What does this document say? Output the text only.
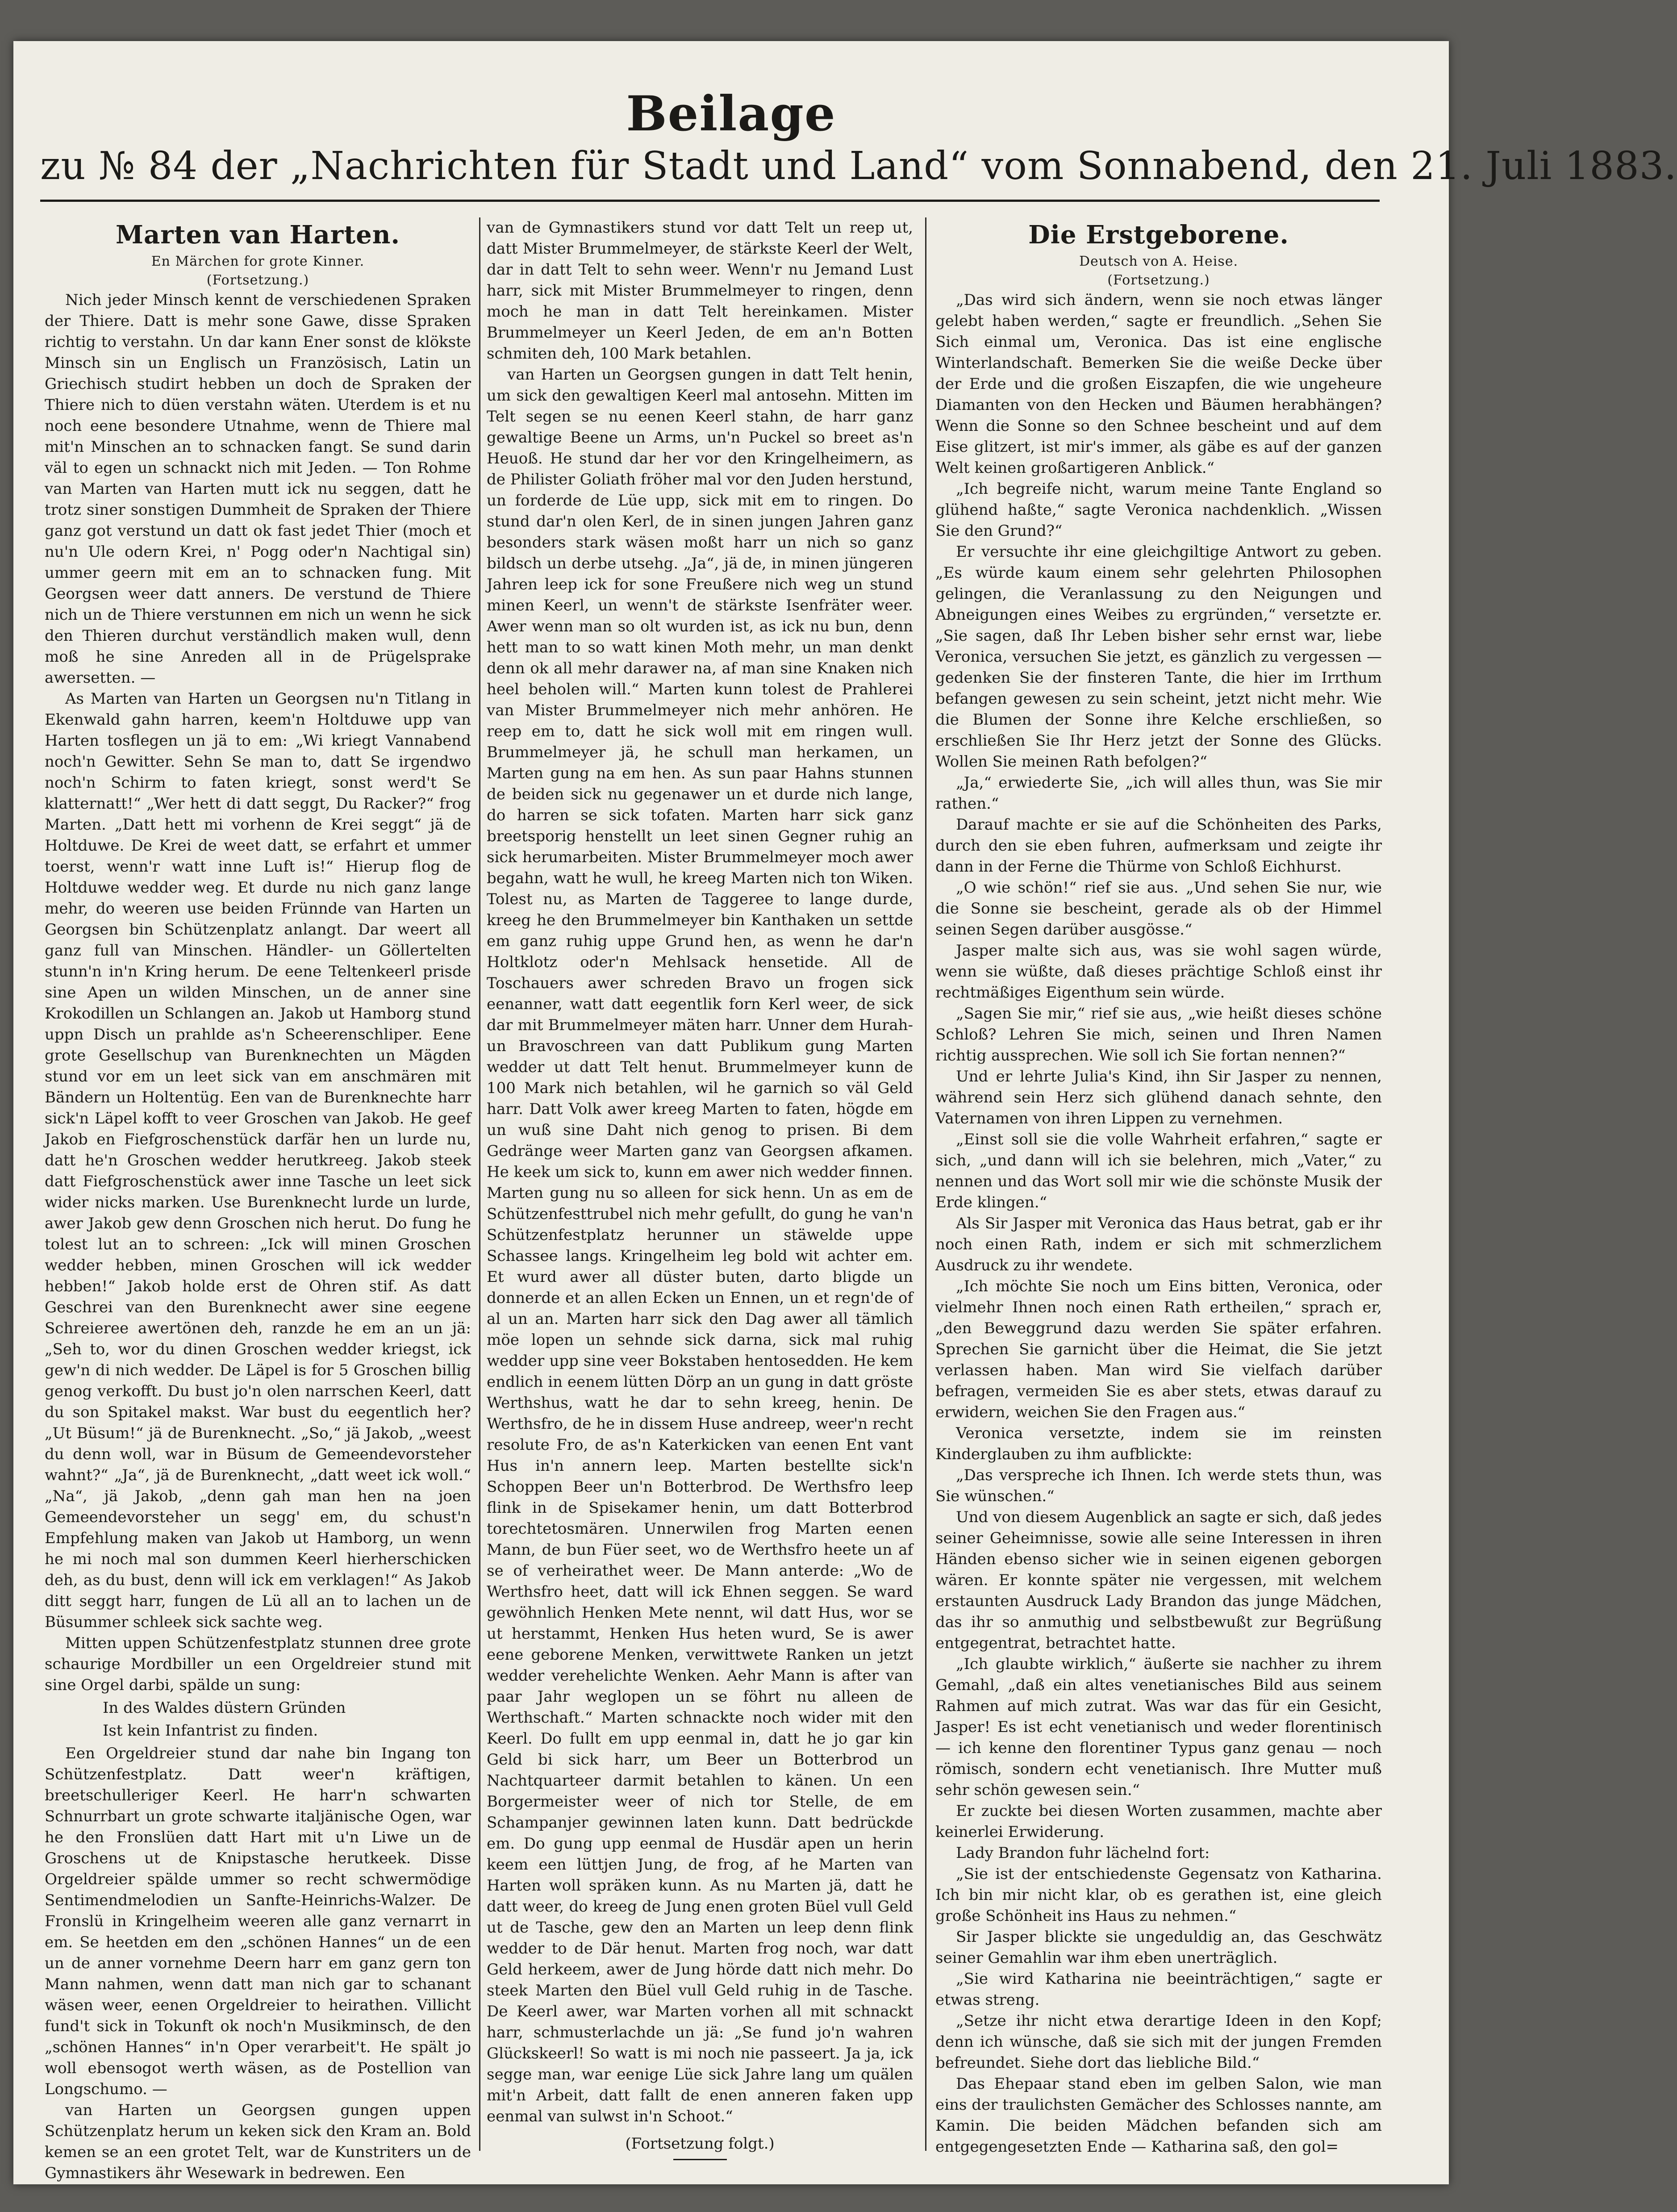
Beilage
zu № 84 der „Nachrichten für Stadt und Land“ vom Sonnabend, den 21. Juli 1883.
Marten van Harten.

En Märchen for grote Kinner.

(Fortsetzung.)

Nich jeder Minsch kennt de verschiedenen Spraken der Thiere. Datt is mehr sone Gawe, disse Spraken richtig to verstahn. Un dar kann Ener sonst de klökste Minsch sin un Englisch un Französisch, Latin un Griechisch studirt hebben un doch de Spraken der Thiere nich to düen verstahn wäten. Uterdem is et nu noch eene besondere Utnahme, wenn de Thiere mal mit'n Minschen an to schnacken fangt. Se sund darin väl to egen un schnackt nich mit Jeden. — Ton Rohme van Marten van Harten mutt ick nu seggen, datt he trotz siner sonstigen Dummheit de Spraken der Thiere ganz got verstund un datt ok fast jedet Thier (moch et nu'n Ule odern Krei, n' Pogg oder'n Nachtigal sin) ummer geern mit em an to schnacken fung. Mit Georgsen weer datt anners. De verstund de Thiere nich un de Thiere verstunnen em nich un wenn he sick den Thieren durchut verständlich maken wull, denn moß he sine Anreden all in de Prügelsprake awersetten. —

As Marten van Harten un Georgsen nu'n Titlang in Ekenwald gahn harren, keem'n Holtduwe upp van Harten tosflegen un jä to em: „Wi kriegt Vannabend noch'n Gewitter. Sehn Se man to, datt Se irgendwo noch'n Schirm to faten kriegt, sonst werd't Se klatternatt!“ „Wer hett di datt seggt, Du Racker?“ frog Marten. „Datt hett mi vorhenn de Krei seggt“ jä de Holtduwe. De Krei de weet datt, se erfahrt et ummer toerst, wenn'r watt inne Luft is!“ Hierup flog de Holtduwe wedder weg. Et durde nu nich ganz lange mehr, do weeren use beiden Frünnde van Harten un Georgsen bin Schützenplatz anlangt. Dar weert all ganz full van Minschen. Händler- un Göllertelten stunn'n in'n Kring herum. De eene Teltenkeerl prisde sine Apen un wilden Minschen, un de anner sine Krokodillen un Schlangen an. Jakob ut Hamborg stund uppn Disch un prahlde as'n Scheerenschliper. Eene grote Gesellschup van Burenknechten un Mägden stund vor em un leet sick van em anschmären mit Bändern un Holtentüg. Een van de Burenknechte harr sick'n Läpel kofft to veer Groschen van Jakob. He geef Jakob en Fiefgroschenstück darfär hen un lurde nu, datt he'n Groschen wedder herutkreeg. Jakob steek datt Fiefgroschenstück awer inne Tasche un leet sick wider nicks marken. Use Burenknecht lurde un lurde, awer Jakob gew denn Groschen nich herut. Do fung he tolest lut an to schreen: „Ick will minen Groschen wedder hebben, minen Groschen will ick wedder hebben!“ Jakob holde erst de Ohren stif. As datt Geschrei van den Burenknecht awer sine eegene Schreieree awertönen deh, ranzde he em an un jä: „Seh to, wor du dinen Groschen wedder kriegst, ick gew'n di nich wedder. De Läpel is for 5 Groschen billig genog verkofft. Du bust jo'n olen narrschen Keerl, datt du son Spitakel makst. War bust du eegentlich her? „Ut Büsum!“ jä de Burenknecht. „So,“ jä Jakob, „weest du denn woll, war in Büsum de Gemeendevorsteher wahnt?“ „Ja“, jä de Burenknecht, „datt weet ick woll.“ „Na“, jä Jakob, „denn gah man hen na joen Gemeendevorsteher un segg' em, du schust'n Empfehlung maken van Jakob ut Hamborg, un wenn he mi noch mal son dummen Keerl hierherschicken deh, as du bust, denn will ick em verklagen!“ As Jakob ditt seggt harr, fungen de Lü all an to lachen un de Büsummer schleek sick sachte weg.

Mitten uppen Schützenfestplatz stunnen dree grote schaurige Mordbiller un een Orgeldreier stund mit sine Orgel darbi, spälde un sung:

In des Waldes düstern Gründen

Ist kein Infantrist zu finden.

Een Orgeldreier stund dar nahe bin Ingang ton Schützenfestplatz. Datt weer'n kräftigen, breetschulleriger Keerl. He harr'n schwarten Schnurrbart un grote schwarte italjänische Ogen, war he den Fronslüen datt Hart mit u'n Liwe un de Groschens ut de Knipstasche herutkeek. Disse Orgeldreier spälde ummer so recht schwermödige Sentimendmelodien un Sanfte-Heinrichs-Walzer. De Fronslü in Kringelheim weeren alle ganz vernarrt in em. Se heetden em den „schönen Hannes“ un de een un de anner vornehme Deern harr em ganz gern ton Mann nahmen, wenn datt man nich gar to schanant wäsen weer, eenen Orgeldreier to heirathen. Villicht fund't sick in Tokunft ok noch'n Musikminsch, de den „schönen Hannes“ in'n Oper verarbeit't. He spält jo woll ebensogot werth wäsen, as de Postellion van Longschumo. —

van Harten un Georgsen gungen uppen Schützenplatz herum un keken sick den Kram an. Bold kemen se an een grotet Telt, war de Kunstriters un de Gymnastikers ähr Wesewark in bedrewen. Een

van de Gymnastikers stund vor datt Telt un reep ut, datt Mister Brummelmeyer, de stärkste Keerl der Welt, dar in datt Telt to sehn weer. Wenn'r nu Jemand Lust harr, sick mit Mister Brummelmeyer to ringen, denn moch he man in datt Telt hereinkamen. Mister Brummelmeyer un Keerl Jeden, de em an'n Botten schmiten deh, 100 Mark betahlen.

van Harten un Georgsen gungen in datt Telt henin, um sick den gewaltigen Keerl mal antosehn. Mitten im Telt segen se nu eenen Keerl stahn, de harr ganz gewaltige Beene un Arms, un'n Puckel so breet as'n Heuoß. He stund dar her vor den Kringelheimern, as de Philister Goliath fröher mal vor den Juden herstund, un forderde de Lüe upp, sick mit em to ringen. Do stund dar'n olen Kerl, de in sinen jungen Jahren ganz besonders stark wäsen moßt harr un nich so ganz bildsch un derbe utsehg. „Ja“, jä de, in minen jüngeren Jahren leep ick for sone Freußere nich weg un stund minen Keerl, un wenn't de stärkste Isenfräter weer. Awer wenn man so olt wurden ist, as ick nu bun, denn hett man to so watt kinen Moth mehr, un man denkt denn ok all mehr darawer na, af man sine Knaken nich heel beholen will.“ Marten kunn tolest de Prahlerei van Mister Brummelmeyer nich mehr anhören. He reep em to, datt he sick woll mit em ringen wull. Brummelmeyer jä, he schull man herkamen, un Marten gung na em hen. As sun paar Hahns stunnen de beiden sick nu gegenawer un et durde nich lange, do harren se sick tofaten. Marten harr sick ganz breetsporig henstellt un leet sinen Gegner ruhig an sick herumarbeiten. Mister Brummelmeyer moch awer begahn, watt he wull, he kreeg Marten nich ton Wiken. Tolest nu, as Marten de Taggeree to lange durde, kreeg he den Brummelmeyer bin Kanthaken un settde em ganz ruhig uppe Grund hen, as wenn he dar'n Holtklotz oder'n Mehlsack hensetide. All de Toschauers awer schreden Bravo un frogen sick eenanner, watt datt eegentlik forn Kerl weer, de sick dar mit Brummelmeyer mäten harr. Unner dem Hurah- un Bravoschreen van datt Publikum gung Marten wedder ut datt Telt henut. Brummelmeyer kunn de 100 Mark nich betahlen, wil he garnich so väl Geld harr. Datt Volk awer kreeg Marten to faten, högde em un wuß sine Daht nich genog to prisen. Bi dem Gedränge weer Marten ganz van Georgsen afkamen. He keek um sick to, kunn em awer nich wedder finnen. Marten gung nu so alleen for sick henn. Un as em de Schützenfesttrubel nich mehr gefullt, do gung he van'n Schützenfestplatz herunner un stäwelde uppe Schassee langs. Kringelheim leg bold wit achter em. Et wurd awer all düster buten, darto bligde un donnerde et an allen Ecken un Ennen, un et regn'de of al un an. Marten harr sick den Dag awer all tämlich möe lopen un sehnde sick darna, sick mal ruhig wedder upp sine veer Bokstaben hentosedden. He kem endlich in eenem lütten Dörp an un gung in datt gröste Werthshus, watt he dar to sehn kreeg, henin. De Werthsfro, de he in dissem Huse andreep, weer'n recht resolute Fro, de as'n Katerkicken van eenen Ent vant Hus in'n annern leep. Marten bestellte sick'n Schoppen Beer un'n Botterbrod. De Werthsfro leep flink in de Spisekamer henin, um datt Botterbrod torechtetosmären. Unnerwilen frog Marten eenen Mann, de bun Füer seet, wo de Werthsfro heete un af se of verheirathet weer. De Mann anterde: „Wo de Werthsfro heet, datt will ick Ehnen seggen. Se ward gewöhnlich Henken Mete nennt, wil datt Hus, wor se ut herstammt, Henken Hus heten wurd, Se is awer eene geborene Menken, verwittwete Ranken un jetzt wedder verehelichte Wenken. Aehr Mann is after van paar Jahr weglopen un se föhrt nu alleen de Werthschaft.“ Marten schnackte noch wider mit den Keerl. Do fullt em upp eenmal in, datt he jo gar kin Geld bi sick harr, um Beer un Botterbrod un Nachtquarteer darmit betahlen to känen. Un een Borgermeister weer of nich tor Stelle, de em Schampanjer gewinnen laten kunn. Datt bedrückde em. Do gung upp eenmal de Husdär apen un herin keem een lüttjen Jung, de frog, af he Marten van Harten woll spräken kunn. As nu Marten jä, datt he datt weer, do kreeg de Jung enen groten Büel vull Geld ut de Tasche, gew den an Marten un leep denn flink wedder to de Där henut. Marten frog noch, war datt Geld herkeem, awer de Jung hörde datt nich mehr. Do steek Marten den Büel vull Geld ruhig in de Tasche. De Keerl awer, war Marten vorhen all mit schnackt harr, schmusterlachde un jä: „Se fund jo'n wahren Glückskeerl! So watt is mi noch nie passeert. Ja ja, ick segge man, war eenige Lüe sick Jahre lang um quälen mit'n Arbeit, datt fallt de enen anneren faken upp eenmal van sulwst in'n Schoot.“

(Fortsetzung folgt.)

Die Erstgeborene.

Deutsch von A. Heise.

(Fortsetzung.)

„Das wird sich ändern, wenn sie noch etwas länger gelebt haben werden,“ sagte er freundlich. „Sehen Sie Sich einmal um, Veronica. Das ist eine englische Winterlandschaft. Bemerken Sie die weiße Decke über der Erde und die großen Eiszapfen, die wie ungeheure Diamanten von den Hecken und Bäumen herabhängen? Wenn die Sonne so den Schnee bescheint und auf dem Eise glitzert, ist mir's immer, als gäbe es auf der ganzen Welt keinen großartigeren Anblick.“

„Ich begreife nicht, warum meine Tante England so glühend haßte,“ sagte Veronica nachdenklich. „Wissen Sie den Grund?“

Er versuchte ihr eine gleichgiltige Antwort zu geben. „Es würde kaum einem sehr gelehrten Philosophen gelingen, die Veranlassung zu den Neigungen und Abneigungen eines Weibes zu ergründen,“ versetzte er. „Sie sagen, daß Ihr Leben bisher sehr ernst war, liebe Veronica, versuchen Sie jetzt, es gänzlich zu vergessen — gedenken Sie der finsteren Tante, die hier im Irrthum befangen gewesen zu sein scheint, jetzt nicht mehr. Wie die Blumen der Sonne ihre Kelche erschließen, so erschließen Sie Ihr Herz jetzt der Sonne des Glücks. Wollen Sie meinen Rath befolgen?“

„Ja,“ erwiederte Sie, „ich will alles thun, was Sie mir rathen.“

Darauf machte er sie auf die Schönheiten des Parks, durch den sie eben fuhren, aufmerksam und zeigte ihr dann in der Ferne die Thürme von Schloß Eichhurst.

„O wie schön!“ rief sie aus. „Und sehen Sie nur, wie die Sonne sie bescheint, gerade als ob der Himmel seinen Segen darüber ausgösse.“

Jasper malte sich aus, was sie wohl sagen würde, wenn sie wüßte, daß dieses prächtige Schloß einst ihr rechtmäßiges Eigenthum sein würde.

„Sagen Sie mir,“ rief sie aus, „wie heißt dieses schöne Schloß? Lehren Sie mich, seinen und Ihren Namen richtig aussprechen. Wie soll ich Sie fortan nennen?“

Und er lehrte Julia's Kind, ihn Sir Jasper zu nennen, während sein Herz sich glühend danach sehnte, den Vaternamen von ihren Lippen zu vernehmen.

„Einst soll sie die volle Wahrheit erfahren,“ sagte er sich, „und dann will ich sie belehren, mich „Vater,“ zu nennen und das Wort soll mir wie die schönste Musik der Erde klingen.“

Als Sir Jasper mit Veronica das Haus betrat, gab er ihr noch einen Rath, indem er sich mit schmerzlichem Ausdruck zu ihr wendete.

„Ich möchte Sie noch um Eins bitten, Veronica, oder vielmehr Ihnen noch einen Rath ertheilen,“ sprach er, „den Beweggrund dazu werden Sie später erfahren. Sprechen Sie garnicht über die Heimat, die Sie jetzt verlassen haben. Man wird Sie vielfach darüber befragen, vermeiden Sie es aber stets, etwas darauf zu erwidern, weichen Sie den Fragen aus.“

Veronica versetzte, indem sie im reinsten Kinderglauben zu ihm aufblickte:

„Das verspreche ich Ihnen. Ich werde stets thun, was Sie wünschen.“

Und von diesem Augenblick an sagte er sich, daß jedes seiner Geheimnisse, sowie alle seine Interessen in ihren Händen ebenso sicher wie in seinen eigenen geborgen wären. Er konnte später nie vergessen, mit welchem erstaunten Ausdruck Lady Brandon das junge Mädchen, das ihr so anmuthig und selbstbewußt zur Begrüßung entgegentrat, betrachtet hatte.

„Ich glaubte wirklich,“ äußerte sie nachher zu ihrem Gemahl, „daß ein altes venetianisches Bild aus seinem Rahmen auf mich zutrat. Was war das für ein Gesicht, Jasper! Es ist echt venetianisch und weder florentinisch — ich kenne den florentiner Typus ganz genau — noch römisch, sondern echt venetianisch. Ihre Mutter muß sehr schön gewesen sein.“

Er zuckte bei diesen Worten zusammen, machte aber keinerlei Erwiderung.

Lady Brandon fuhr lächelnd fort:

„Sie ist der entschiedenste Gegensatz von Katharina. Ich bin mir nicht klar, ob es gerathen ist, eine gleich große Schönheit ins Haus zu nehmen.“

Sir Jasper blickte sie ungeduldig an, das Geschwätz seiner Gemahlin war ihm eben unerträglich.

„Sie wird Katharina nie beeinträchtigen,“ sagte er etwas streng.

„Setze ihr nicht etwa derartige Ideen in den Kopf; denn ich wünsche, daß sie sich mit der jungen Fremden befreundet. Siehe dort das liebliche Bild.“

Das Ehepaar stand eben im gelben Salon, wie man eins der traulichsten Gemächer des Schlosses nannte, am Kamin. Die beiden Mädchen befanden sich am entgegengesetzten Ende — Katharina saß, den gol=
